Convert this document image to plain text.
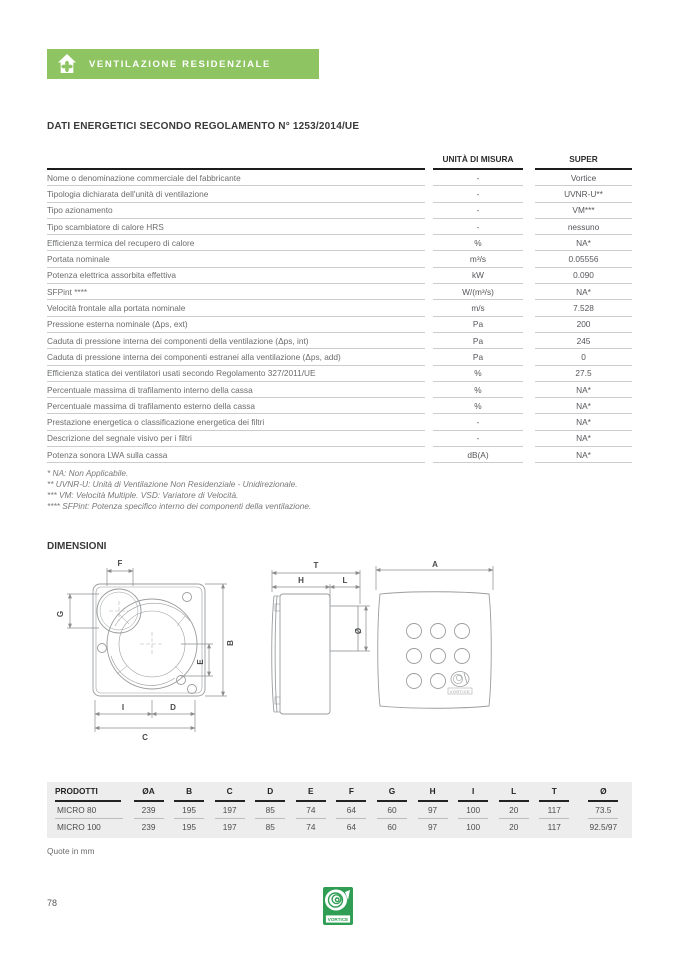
VENTILAZIONE RESIDENZIALE
DATI ENERGETICI SECONDO REGOLAMENTO N° 1253/2014/UE
UNITÀ DI MISURA	SUPER
Nome o denominazione commerciale del fabbricante	-	Vortice
Tipologia dichiarata dell'unità di ventilazione	-	UVNR-U**
Tipo azionamento	-	VM***
Tipo scambiatore di calore HRS	-	nessuno
Efficienza termica del recupero di calore	%	NA*
Portata nominale	m³/s	0.05556
Potenza elettrica assorbita effettiva	kW	0.090
SFPint ****	W/(m³/s)	NA*
Velocità frontale alla portata nominale	m/s	7.528
Pressione esterna nominale (Δps, ext)	Pa	200
Caduta di pressione interna dei componenti della ventilazione (Δps, int)	Pa	245
Caduta di pressione interna dei componenti estranei alla ventilazione (Δps, add)	Pa	0
Efficienza statica dei ventilatori usati secondo Regolamento 327/2011/UE	%	27.5
Percentuale massima di trafilamento interno della cassa	%	NA*
Percentuale massima di trafilamento esterno della cassa	%	NA*
Prestazione energetica o classificazione energetica dei filtri	-	NA*
Descrizione del segnale visivo per i filtri	-	NA*
Potenza sonora LWA sulla cassa	dB(A)	NA*
* NA: Non Applicabile.
** UVNR-U: Unità di Ventilazione Non Residenziale - Unidirezionale.
*** VM: Velocità Multiple. VSD: Variatore di Velocità.
**** SFPint: Potenza specifico interno dei componenti della ventilazione.
DIMENSIONI
F
G
B
E
I	D
C
T
H	L
Ø
A
VORTICE
PRODOTTI	ØA	B	C	D	E	F	G	H	I	L	T	Ø
MICRO 80	239	195	197	85	74	64	60	97	100	20	117	73.5
MICRO 100	239	195	197	85	74	64	60	97	100	20	117	92.5/97
Quote in mm
78
VORTICE
